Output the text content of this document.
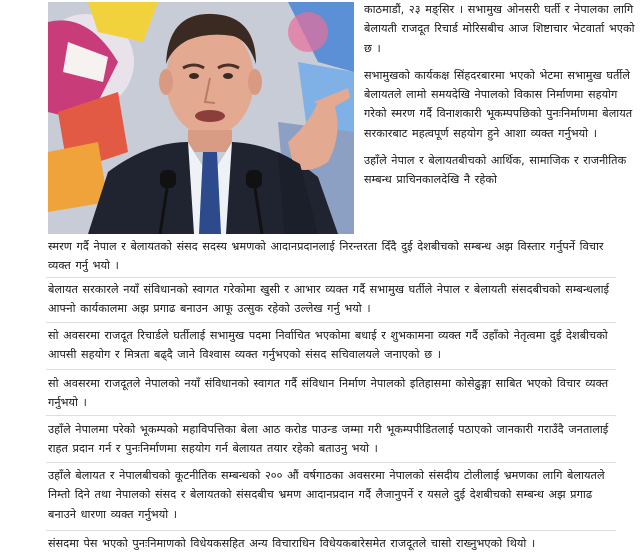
काठमाडौं, २३ मङ्सिर । सभामुख ओनसरी घर्ती र नेपालका लागि बेलायती राजदूत रिचार्ड मोरिसबीच आज शिष्टाचार भेटवार्ता भएको छ ।

सभामुखको कार्यकक्ष सिंहदरबारमा भएको भेटमा सभामुख घर्तीले बेलायतले लामो समयदेखि नेपालको विकास निर्माणमा सहयोग गरेको स्मरण गर्दै विनाशकारी भूकम्पपछिको पुनःनिर्माणमा बेलायत सरकारबाट महत्वपूर्ण सहयोग हुने आशा व्यक्त गर्नुभयो ।

उहाँले नेपाल र बेलायतबीचको आर्थिक, सामाजिक र राजनीतिक सम्बन्ध प्राचिनकालदेखि नै रहेको

स्मरण गर्दै नेपाल र बेलायतको संसद सदस्य भ्रमणको आदानप्रदानलाई निरन्तरता दिँदै दुई देशबीचको सम्बन्ध अझ विस्तार गर्नुपर्ने विचार व्यक्त गर्नु भयो ।

बेलायत सरकारले नयाँ संविधानको स्वागत गरेकोमा खुसी र आभार व्यक्त गर्दै सभामुख घर्तीले नेपाल र बेलायती संसदबीचको सम्बन्धलाई आफ्नो कार्यकालमा अझ प्रगाढ बनाउन आफू उत्सुक रहेको उल्लेख गर्नु भयो ।

सो अवसरमा राजदूत रिचार्डले घर्तीलाई सभामुख पदमा निर्वाचित भएकोमा बधाई र शुभकामना व्यक्त गर्दै उहाँको नेतृत्वमा दुई देशबीचको आपसी सहयोग र मित्रता बढ्दै जाने विश्वास व्यक्त गर्नुभएको संसद सचिवालयले जनाएको छ ।

सो अवसरमा राजदूतले नेपालको नयाँ संविधानको स्वागत गर्दै संविधान निर्माण नेपालको इतिहासमा कोसेढुङ्गा साबित भएको विचार व्यक्त गर्नुभयो ।

उहाँले नेपालमा परेको भूकम्पको महाविपत्तिका बेला आठ करोड पाउन्ड जम्मा गरी भूकम्पपीडितलाई पठाएको जानकारी गराउँदै जनतालाई राहत प्रदान गर्न र पुनःनिर्माणमा सहयोग गर्न बेलायत तयार रहेको बताउनु भयो ।

उहाँले बेलायत र नेपालबीचको कूटनीतिक सम्बन्धको २०० औं वर्षगाठका अवसरमा नेपालको संसदीय टोलीलाई भ्रमणका लागि बेलायतले निम्तो दिने तथा नेपालको संसद र बेलायतको संसदबीच भ्रमण आदानप्रदान गर्दै लैजानुपर्ने र यसले दुई देशबीचको सम्बन्ध अझ प्रगाढ बनाउने धारणा व्यक्त गर्नुभयो ।

संसदमा पेस भएको पुनःनिमाणको विधेयकसहित अन्य विचाराधिन विधेयकबारेसमेत राजदूतले चासो राख्नुभएको थियो ।
